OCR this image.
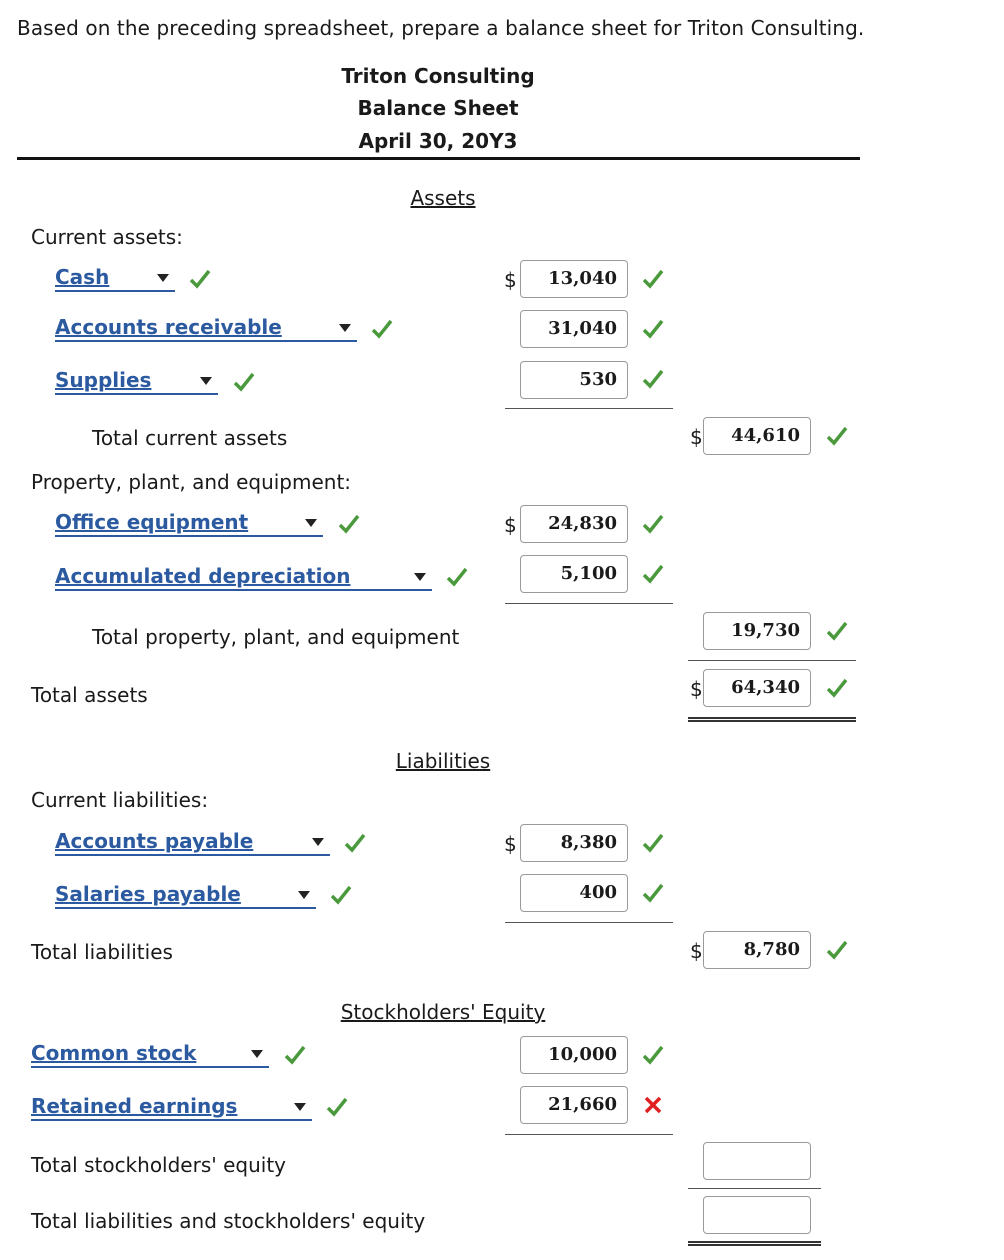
Based on the preceding spreadsheet, prepare a balance sheet for Triton Consulting.
Triton Consulting
Balance Sheet
April 30, 20Y3
Assets
Current assets:
Cash	$	13,040
Accounts receivable	31,040
Supplies	530
Total current assets	$	44,610
Property, plant, and equipment:
Office equipment	$	24,830
Accumulated depreciation	5,100
Total property, plant, and equipment	19,730
Total assets	$	64,340
Liabilities
Current liabilities:
Accounts payable	$	8,380
Salaries payable	400
Total liabilities	$	8,780
Stockholders' Equity
Common stock	10,000
Retained earnings	21,660
Total stockholders' equity
Total liabilities and stockholders' equity
